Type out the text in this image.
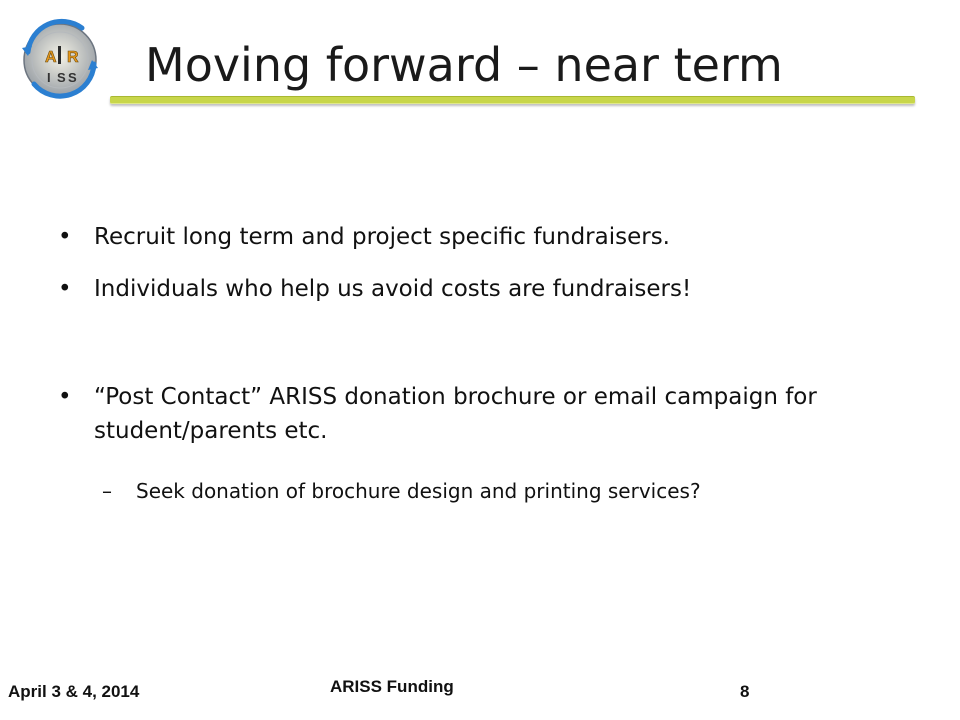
A R
I S S Moving forward – near term
• Recruit long term and project specific fundraisers.
• Individuals who help us avoid costs are fundraisers!
• “Post Contact” ARISS donation brochure or email campaign for student/parents etc.
–	Seek donation of brochure design and printing services?
April 3 & 4, 2014	ARISS Funding	8
